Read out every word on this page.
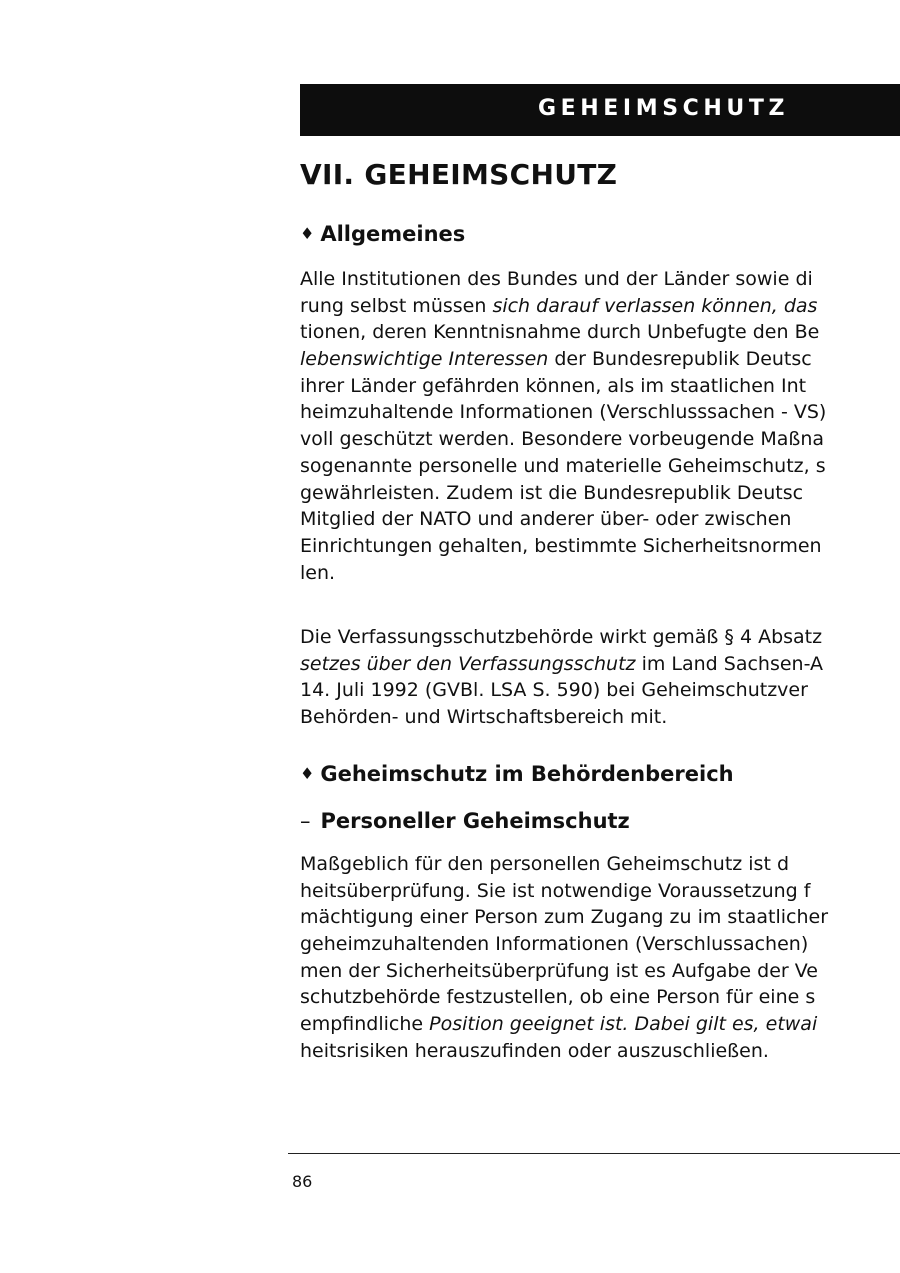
GEHEIMSCHUTZ
VII. GEHEIMSCHUTZ
♦ Allgemeines
Alle Institutionen des Bundes und der Länder sowie di
rung selbst müssen sich darauf verlassen können, das
tionen, deren Kenntnisnahme durch Unbefugte den Be
lebenswichtige Interessen der Bundesrepublik Deutsc
ihrer Länder gefährden können, als im staatlichen Int
heimzuhaltende Informationen (Verschlusssachen - VS)
voll geschützt werden. Besondere vorbeugende Maßna
sogenannte personelle und materielle Geheimschutz, s
gewährleisten. Zudem ist die Bundesrepublik Deutsc
Mitglied der NATO und anderer über- oder zwischen
Einrichtungen gehalten, bestimmte Sicherheitsnormen
len.
Die Verfassungsschutzbehörde wirkt gemäß § 4 Absatz
setzes über den Verfassungsschutz im Land Sachsen-A
14. Juli 1992 (GVBl. LSA S. 590) bei Geheimschutzver
Behörden- und Wirtschaftsbereich mit.
♦ Geheimschutz im Behördenbereich
– Personeller Geheimschutz
Maßgeblich für den personellen Geheimschutz ist d
heitsüberprüfung. Sie ist notwendige Voraussetzung f
mächtigung einer Person zum Zugang zu im staatlicher
geheimzuhaltenden Informationen (Verschlussachen)
men der Sicherheitsüberprüfung ist es Aufgabe der Ve
schutzbehörde festzustellen, ob eine Person für eine s
empfindliche Position geeignet ist. Dabei gilt es, etwai
heitsrisiken herauszufinden oder auszuschließen.
86
